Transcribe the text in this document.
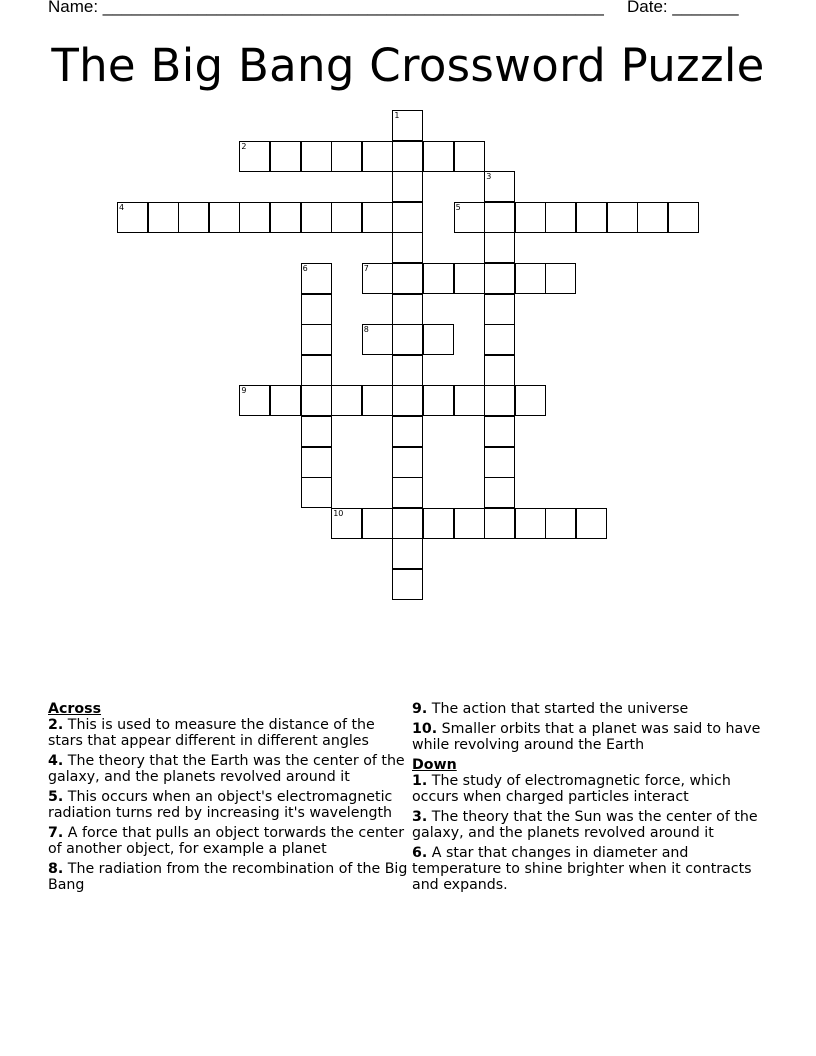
Name: _____________________________________________________ Date: _______
The Big Bang Crossword Puzzle
1
2
3
4	5
6	7
8
9
10
Across
2. This is used to measure the distance of the stars that appear different in different angles
4. The theory that the Earth was the center of the galaxy, and the planets revolved around it
5. This occurs when an object's electromagnetic radiation turns red by increasing it's wavelength
7. A force that pulls an object torwards the center of another object, for example a planet
8. The radiation from the recombination of the Big Bang
9. The action that started the universe
10. Smaller orbits that a planet was said to have while revolving around the Earth
Down
1. The study of electromagnetic force, which occurs when charged particles interact
3. The theory that the Sun was the center of the galaxy, and the planets revolved around it
6. A star that changes in diameter and temperature to shine brighter when it contracts and expands.
